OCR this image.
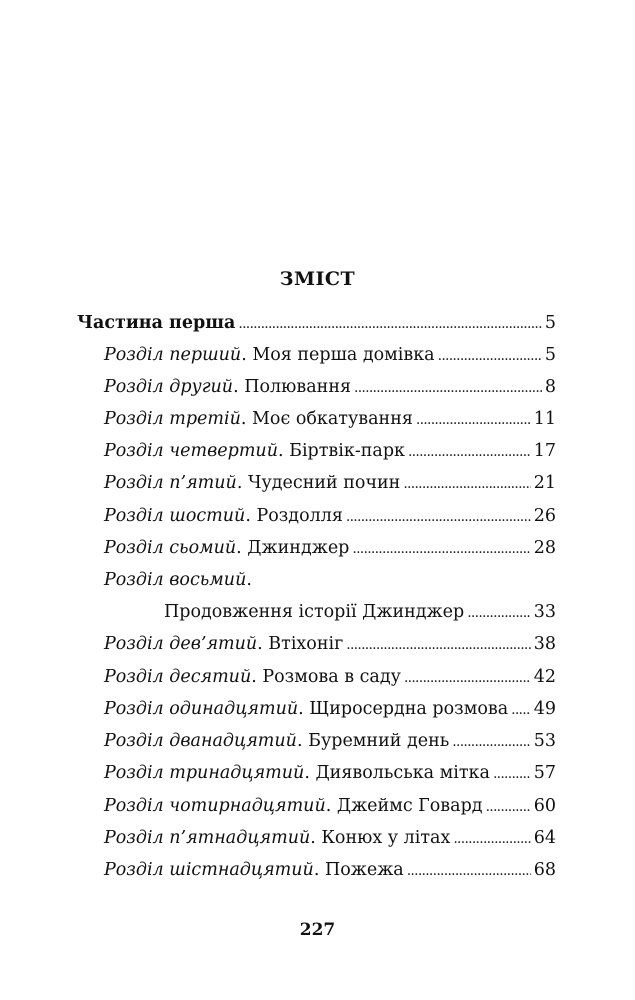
ЗМІСТ
Частина перша . . .	5
Розділ перший. Моя перша домівка . . .	5
Розділ другий. Полювання . . .	8
Розділ третій. Моє обкатування . . .	11
Розділ четвертий. Біртвік-парк . . .	17
Розділ п’ятий. Чудесний почин . . .	21
Розділ шостий. Роздолля . . .	26
Розділ сьомий. Джинджер . . .	28
Розділ восьмий.
Продовження історії Джинджер . . .	33
Розділ дев’ятий. Втіхоніг . . .	38
Розділ десятий. Розмова в саду . . .	42
Розділ одинадцятий. Щиросердна розмова . . . 49
Розділ дванадцятий. Буремний день . . .	53
Розділ тринадцятий. Диявольська мітка . . .	57
Розділ чотирнадцятий. Джеймс Говард . . .	60
Розділ п’ятнадцятий. Конюх у літах . . .	64
Розділ шістнадцятий. Пожежа . . .	68
227
